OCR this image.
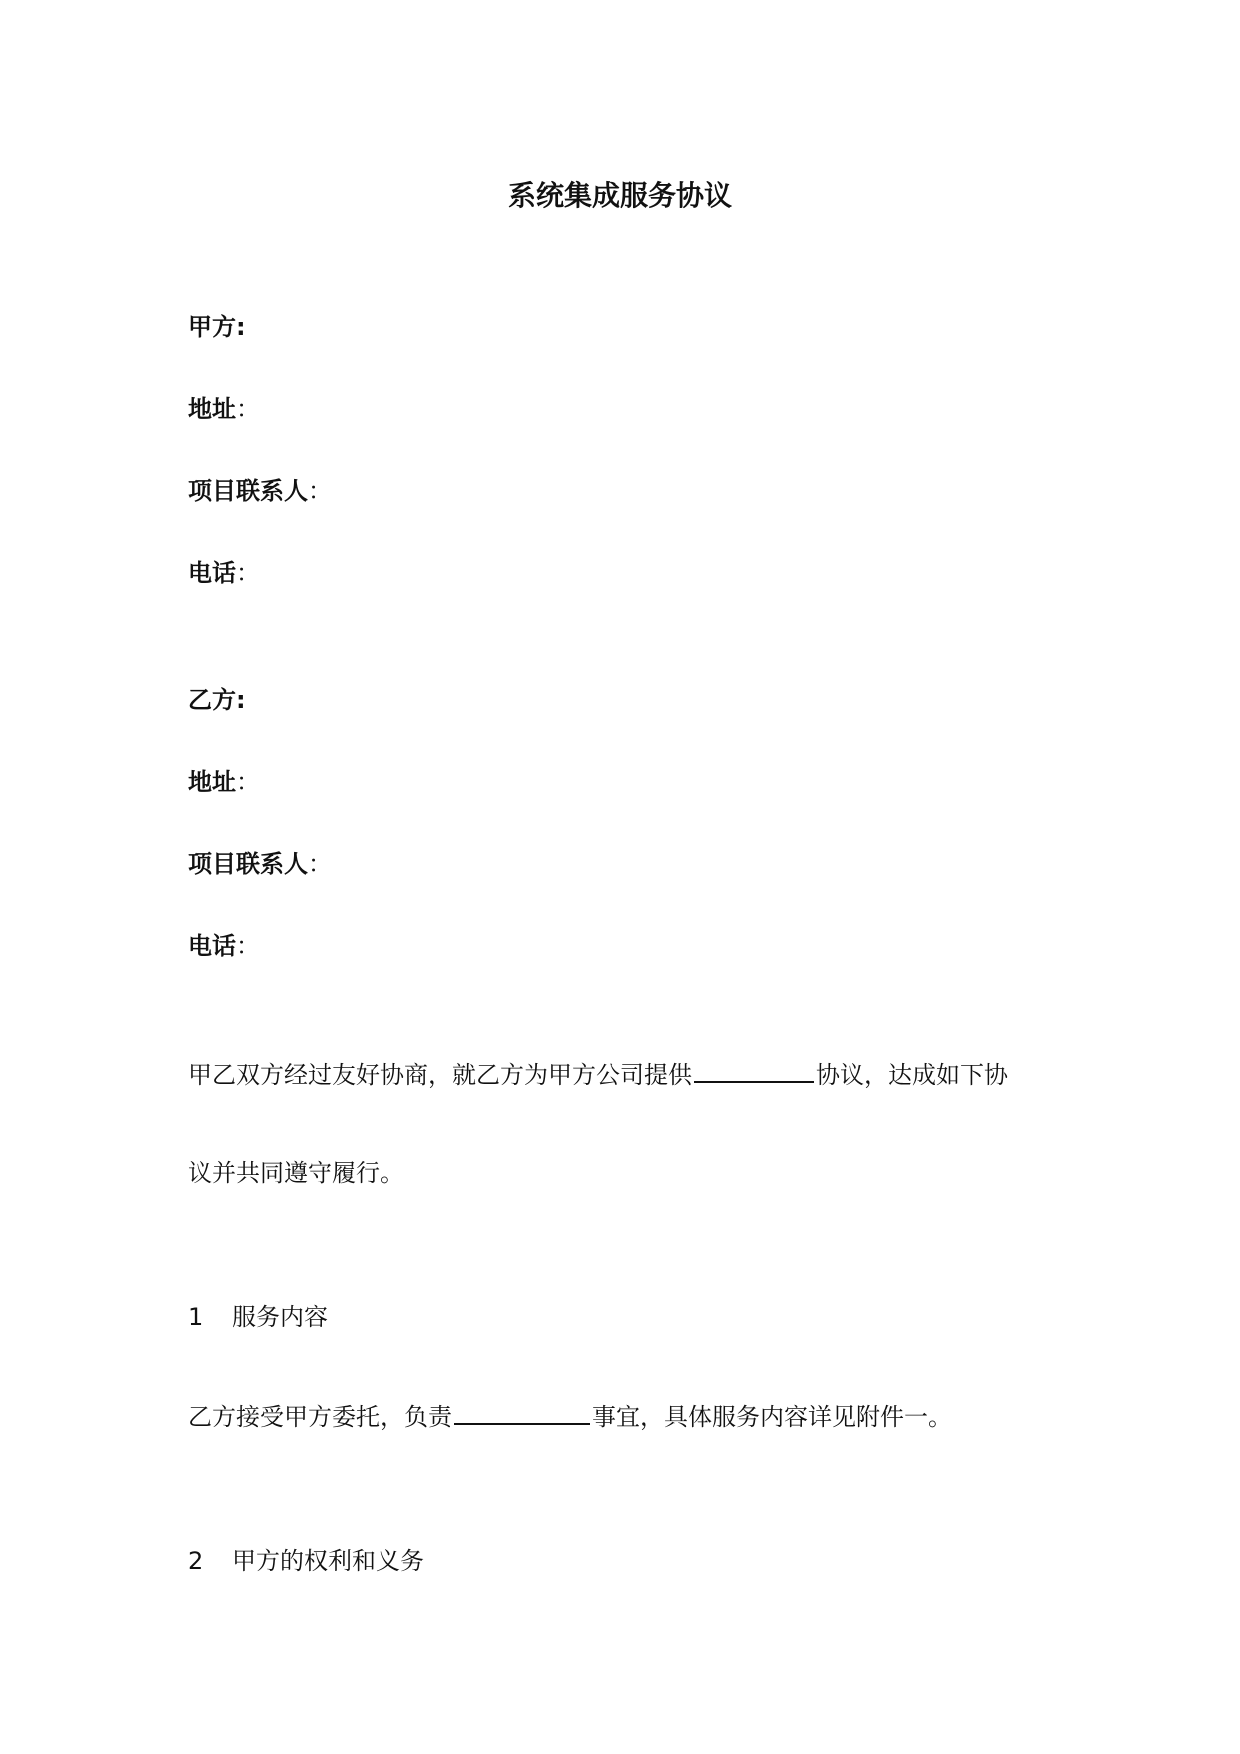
系统集成服务协议
甲方:
地址：
项目联系人：
电话：
乙方:
地址：
项目联系人：
电话：
甲乙双方经过友好协商，就乙方为甲方公司提供	协议，达成如下协
议并共同遵守履行。
1 服务内容
乙方接受甲方委托，负责	事宜，具体服务内容详见附件一。
2 甲方的权利和义务
